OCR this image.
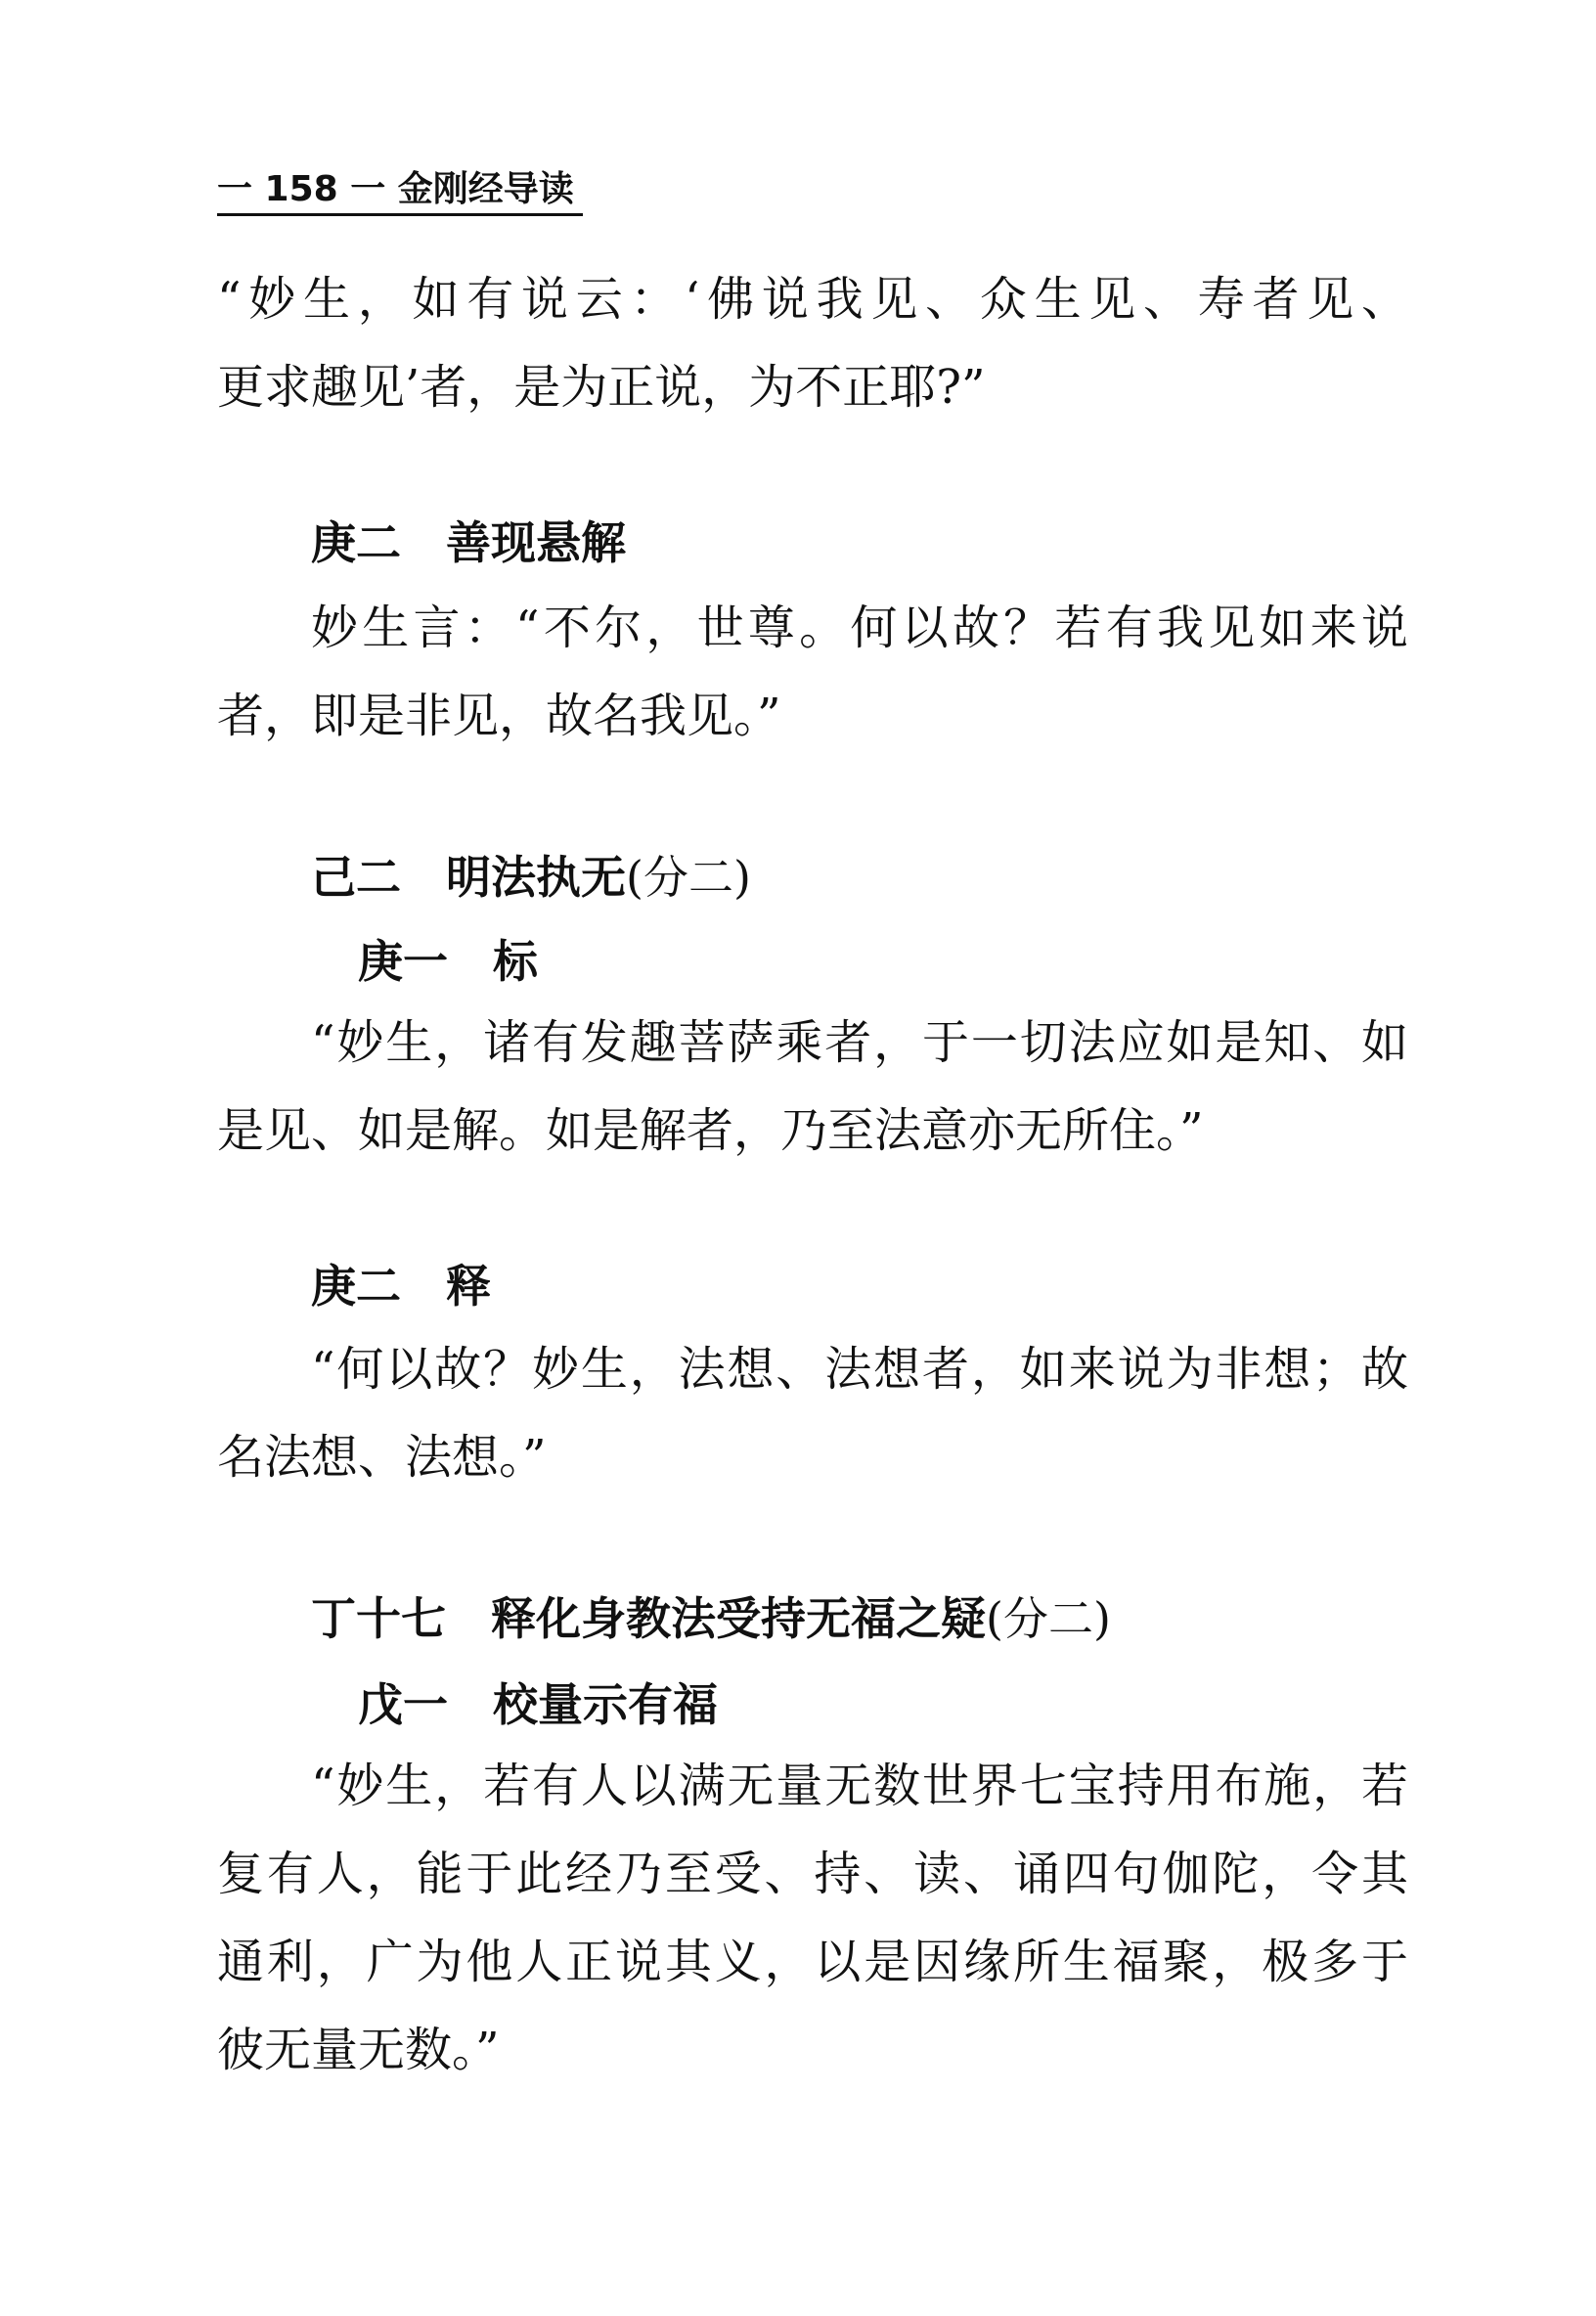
一 158 一 金刚经导读
“妙生，如有说云：‘佛说我见、众生见、寿者见、
更求趣见’者，是为正说，为不正耶?”
庚二 善现悬解
妙生言：“不尔，世尊。何以故？若有我见如来说
者，即是非见，故名我见。”
己二 明法执无(分二)
庚一 标
“妙生，诸有发趣菩萨乘者，于一切法应如是知、如
是见、如是解。如是解者，乃至法意亦无所住。”
庚二 释
“何以故？妙生，法想、法想者，如来说为非想；故
名法想、法想。”
丁十七 释化身教法受持无福之疑(分二)
戊一 校量示有福
“妙生，若有人以满无量无数世界七宝持用布施，若
复有人，能于此经乃至受、持、读、诵四句伽陀，令其
通利，广为他人正说其义，以是因缘所生福聚，极多于
彼无量无数。”
